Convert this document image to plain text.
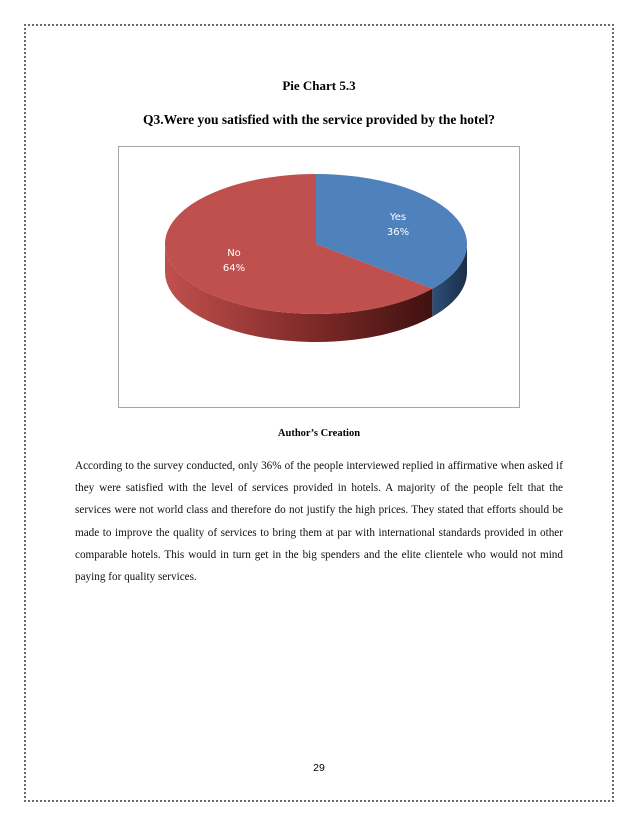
Pie Chart 5.3
Q3.Were you satisfied with the service provided by the hotel?
Yes
36%
No
64%
Author’s Creation

According to the survey conducted, only 36% of the people interviewed replied in affirmative when asked if they were satisfied with the level of services provided in hotels. A majority of the people felt that the services were not world class and therefore do not justify the high prices. They stated that efforts should be made to improve the quality of services to bring them at par with international standards provided in other comparable hotels. This would in turn get in the big spenders and the elite clientele who would not mind paying for quality services.

29
